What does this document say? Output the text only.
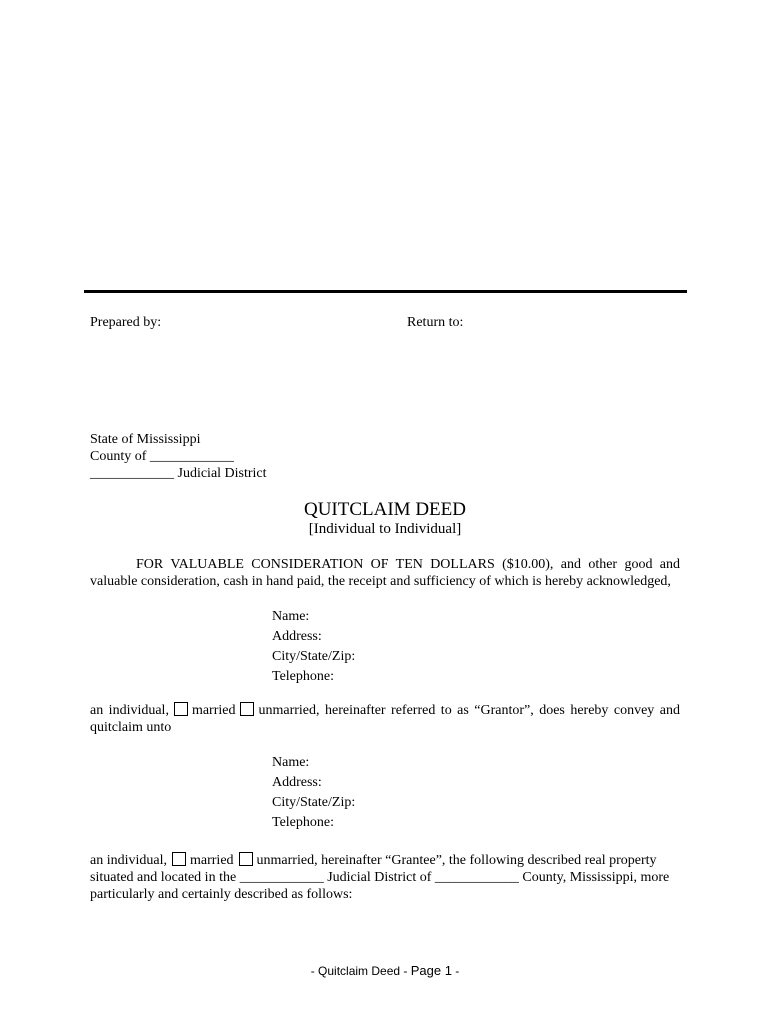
Prepared by:	Return to:
State of Mississippi
County of ____________
____________ Judicial District
QUITCLAIM DEED
[Individual to Individual]
FOR VALUABLE CONSIDERATION OF TEN DOLLARS ($10.00), and other good and
valuable consideration, cash in hand paid, the receipt and sufficiency of which is hereby acknowledged,
Name:
Address:
City/State/Zip:
Telephone:
an individual, married unmarried, hereinafter referred to as “Grantor”, does hereby convey and
quitclaim unto
Name:
Address:
City/State/Zip:
Telephone:
an individual, married unmarried, hereinafter “Grantee”, the following described real property
situated and located in the ____________ Judicial District of ____________ County, Mississippi, more
particularly and certainly described as follows:
- Quitclaim Deed - Page 1 -
